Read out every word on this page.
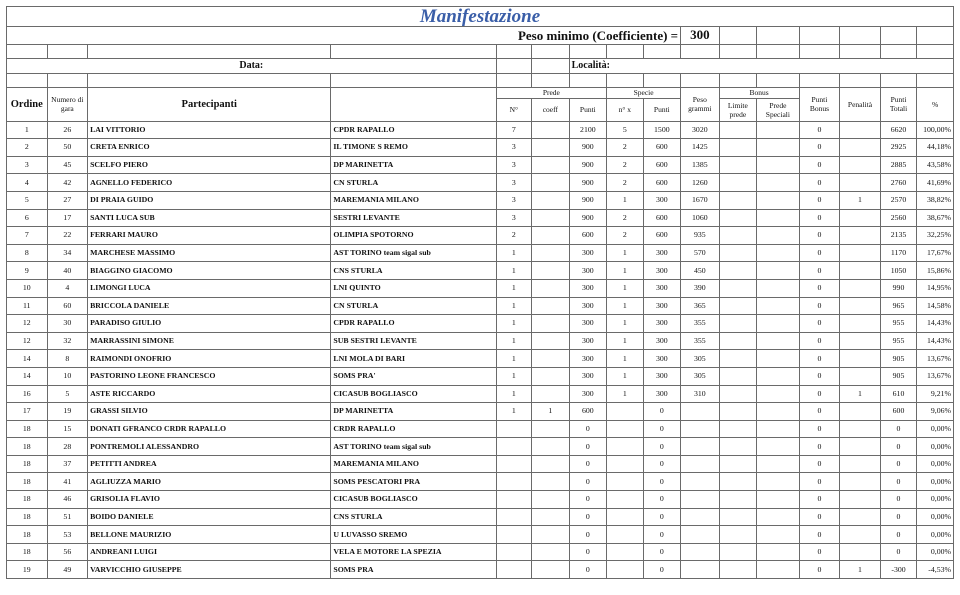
Manifestazione															
Peso minimo (Coefficiente) =									300						

Data:						Località:									

Ordine	Numero di gara	Partecipanti		Prede			Specie		Peso grammi	Bonus		Punti Bonus	Penalità	Punti Totali	%
				N°	coeff	Punti	n° x	Punti		Limite prede	Prede Speciali				
1	26	LAI VITTORIO	CPDR RAPALLO	7		2100	5	1500	3020			0		6620	100,00%
2	50	CRETA ENRICO	IL TIMONE S REMO	3		900	2	600	1425			0		2925	44,18%
3	45	SCELFO PIERO	DP MARINETTA	3		900	2	600	1385			0		2885	43,58%
4	42	AGNELLO FEDERICO	CN STURLA	3		900	2	600	1260			0		2760	41,69%
5	27	DI PRAIA GUIDO	MAREMANIA MILANO	3		900	1	300	1670			0	1	2570	38,82%
6	17	SANTI LUCA SUB	SESTRI LEVANTE	3		900	2	600	1060			0		2560	38,67%
7	22	FERRARI MAURO	OLIMPIA SPOTORNO	2		600	2	600	935			0		2135	32,25%
8	34	MARCHESE MASSIMO	AST TORINO team sigal sub	1		300	1	300	570			0		1170	17,67%
9	40	BIAGGINO GIACOMO	CNS STURLA	1		300	1	300	450			0		1050	15,86%
10	4	LIMONGI LUCA	LNI QUINTO	1		300	1	300	390			0		990	14,95%
11	60	BRICCOLA DANIELE	CN STURLA	1		300	1	300	365			0		965	14,58%
12	30	PARADISO GIULIO	CPDR RAPALLO	1		300	1	300	355			0		955	14,43%
12	32	MARRASSINI SIMONE	SUB SESTRI LEVANTE	1		300	1	300	355			0		955	14,43%
14	8	RAIMONDI ONOFRIO	LNI MOLA DI BARI	1		300	1	300	305			0		905	13,67%
14	10	PASTORINO LEONE FRANCESCO	SOMS PRA'	1		300	1	300	305			0		905	13,67%
16	5	ASTE RICCARDO	CICASUB BOGLIASCO	1		300	1	300	310			0	1	610	9,21%
17	19	GRASSI SILVIO	DP MARINETTA	1	1	600		0				0		600	9,06%
18	15	DONATI GFRANCO CRDR RAPALLO	CRDR RAPALLO			0		0				0		0	0,00%
18	28	PONTREMOLI ALESSANDRO	AST TORINO team sigal sub			0		0				0		0	0,00%
18	37	PETITTI ANDREA	MAREMANIA MILANO			0		0				0		0	0,00%
18	41	AGLIUZZA MARIO	SOMS PESCATORI PRA			0		0				0		0	0,00%
18	46	GRISOLIA FLAVIO	CICASUB BOGLIASCO			0		0				0		0	0,00%
18	51	BOIDO DANIELE	CNS STURLA			0		0				0		0	0,00%
18	53	BELLONE MAURIZIO	U LUVASSO SREMO			0		0				0		0	0,00%
18	56	ANDREANI LUIGI	VELA E MOTORE LA SPEZIA			0		0				0		0	0,00%
19	49	VARVICCHIO GIUSEPPE	SOMS PRA			0		0				0	1	-300	-4,53%
